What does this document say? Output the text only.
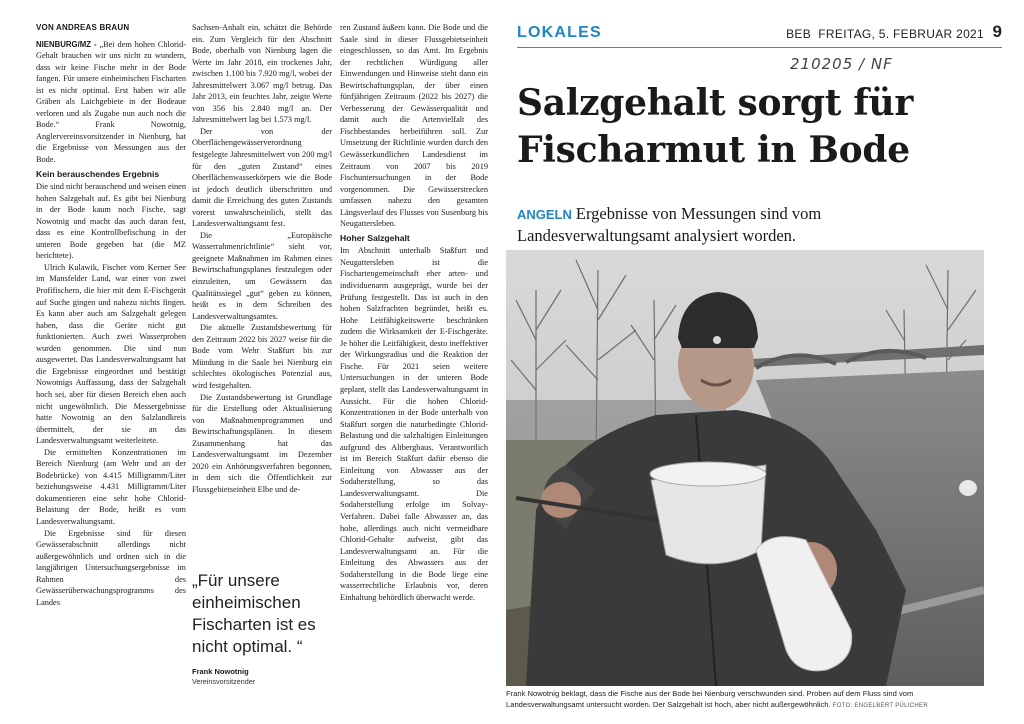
VON ANDREAS BRAUN

NIENBURG/MZ - „Bei dem hohen Chlorid-Gehalt brauchen wir uns nicht zu wundern, dass wir keine Fische mehr in der Bode fangen. Für unsere einheimischen Fischarten ist es nicht optimal. Erst haben wir alle Gräben als Laichgebiete in der Bodeaue verloren und als Zugabe nun auch noch die Bode.“ Frank Nowotnig, Anglervereinsvorsitzender in Nienburg, hat die Ergebnisse von Messungen aus der Bode.

Kein berauschendes Ergebnis

Die sind nicht berauschend und weisen einen hohen Salzgehalt auf. Es gibt bei Nienburg in der Bode kaum noch Fische, sagt Nowotnig und macht das auch daran fest, dass es eine Kontrollbefischung in der unteren Bode gegeben hat (die MZ berichtete).

Ulrich Kulawik, Fischer vom Kerner See im Mansfelder Land, war einer von zwei Profifischern, die hier mit dem E-Fischgerät auf Suche gingen und nahezu nichts fingen. Es kann aber auch am Salzgehalt gelegen haben, dass die Geräte nicht gut funktionierten. Auch zwei Wasserproben wurden genommen. Die sind nun ausgewertet. Das Landesverwaltungsamt hat die Ergebnisse eingeordnet und bestätigt Nowotnigs Auffassung, dass der Salzgehalt hoch sei, aber für diesen Bereich eben auch nicht ungewöhnlich. Die Messergebnisse hatte Nowotnig an den Salzlandkreis übermittelt, der sie an das Landesverwaltungsamt weiterleitete.

Die ermittelten Konzentrationen im Bereich Nienburg (am Wehr und an der Bodebrücke) von 4.415 Milligramm/Liter beziehungsweise 4.431 Milligramm/Liter dokumentieren eine sehr hohe Chlorid-Belastung der Bode, heißt es vom Landesverwaltungsamt.

Die Ergebnisse sind für diesen Gewässerabschnitt allerdings nicht außergewöhnlich und ordnen sich in die langjährigen Untersuchungsergebnisse im Rahmen des Gewässerüberwachungsprogramms des Landes

Sachsen-Anhalt ein, schätzt die Behörde ein. Zum Vergleich für den Abschnitt Bode, oberhalb von Nienburg lagen die Werte im Jahr 2018, ein trockenes Jahr, zwischen 1.100 bis 7.920 mg/l, wobei der Jahresmittelwert 3.067 mg/l betrug. Das Jahr 2013, ein feuchtes Jahr, zeigte Werte von 356 bis 2.840 mg/l an. Der Jahresmittelwert lag bei 1.573 mg/l.

Der von der Oberflächengewässerverordnung festgelegte Jahresmittelwert von 200 mg/l für den „guten Zustand“ eines Oberflächenwasserkörpers wie die Bode ist jedoch deutlich überschritten und damit die Erreichung des guten Zustands vorerst unwahrscheinlich, stellt das Landesverwaltungsamt fest.

Die „Europäische Wasserrahmenrichtlinie“ sieht vor, geeignete Maßnahmen im Rahmen eines Bewirtschaftungsplanes festzulegen oder einzuleiten, um Gewässern das Qualitätssiegel „gut“ geben zu können, heißt es in dem Schreiben des Landesverwaltungsamtes.

Die aktuelle Zustandsbewertung für den Zeitraum 2022 bis 2027 weise für die Bode vom Wehr Staßfurt bis zur Mündung in die Saale bei Nienburg ein schlechtes ökologisches Potenzial aus, wird festgehalten.

Die Zustandsbewertung ist Grundlage für die Erstellung oder Aktualisierung von Maßnahmenprogrammen und Bewirtschaftungsplänen. In diesem Zusammenhang hat das Landesverwaltungsamt im Dezember 2020 ein Anhörungsverfahren begonnen, in dem sich die Öffentlichkeit zur Flussgebietseinheit Elbe und de-

„Für unsere einheimischen Fischarten ist es nicht optimal. “
Frank Nowotnig
Vereinsvorsitzender

ren Zustand äußern kann. Die Bode und die Saale sind in dieser Flussgebietseinheit eingeschlossen, so das Amt. Im Ergebnis der rechtlichen Würdigung aller Einwendungen und Hinweise steht dann ein Bewirtschaftungsplan, der über einen fünfjährigen Zeitraum (2022 bis 2027) die Verbesserung der Gewässerqualität und damit auch die Artenvielfalt des Fischbestandes herbeiführen soll. Zur Umsetzung der Richtlinie wurden durch den Gewässerkundlichen Landesdienst im Zeitraum von 2007 bis 2019 Fischuntersuchungen in der Bode vorgenommen. Die Gewässerstrecken umfassen nahezu den gesamten Längsverlauf des Flusses von Susenburg bis Neugattersleben.

Hoher Salzgehalt

Im Abschnitt unterhalb Staßfurt und Neugattersleben ist die Fischartengemeinschaft eher arten- und individuenarm ausgeprägt, wurde bei der Prüfung festgestellt. Das ist auch in den hohen Salzfrachten begründet, heißt es. Hohe Leitfähigkeitswerte beschränken zudem die Wirksamkeit der E-Fischgeräte. Je höher die Leitfähigkeit, desto ineffektiver der Wirkungsradius und die Reaktion der Fische. Für 2021 seien weitere Untersuchungen in der unteren Bode geplant, stellt das Landesverwaltungsamt in Aussicht. Für die hohen Chlorid-Konzentrationen in der Bode unterhalb von Staßfurt sorgen die naturbedingte Chlorid-Belastung und die salzhaltigen Einleitungen aufgrund des Altbergbaus. Verantwortlich ist im Bereich Staßfurt dafür ebenso die Einleitung von Abwasser aus der Sodaherstellung, so das Landesverwaltungsamt. Die Sodaherstellung erfolge im Solvay-Verfahren. Dabei falle Abwasser an, das hohe, allerdings auch nicht vermeidbare Chlorid-Gehalte aufweist, gibt das Landesverwaltungsamt an. Für die Einleitung des Abwassers aus der Sodaherstellung in die Bode liege eine wasserrechtliche Erlaubnis vor, deren Einhaltung behördlich überwacht werde.

LOKALES	BEB FREITAG, 5. FEBRUAR 2021 9
210205 / NF
Salzgehalt sorgt für Fischarmut in Bode
ANGELN Ergebnisse von Messungen sind vom Landesverwaltungsamt analysiert worden.
Frank Nowotnig beklagt, dass die Fische aus der Bode bei Nienburg verschwunden sind. Proben auf dem Fluss sind vom Landesverwaltungsamt untersucht worden. Der Salzgehalt ist hoch, aber nicht außergewöhnlich. FOTO: ENGELBERT PÜLICHER
